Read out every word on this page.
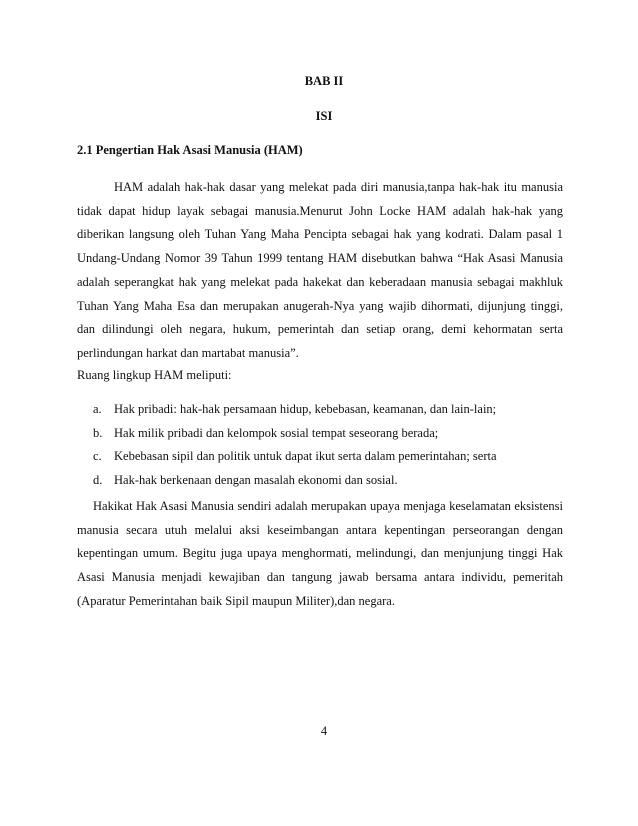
BAB II
ISI
2.1 Pengertian Hak Asasi Manusia (HAM)

HAM adalah hak-hak dasar yang melekat pada diri manusia,tanpa hak-hak itu manusia tidak dapat hidup layak sebagai manusia.Menurut John Locke HAM adalah hak-hak yang diberikan langsung oleh Tuhan Yang Maha Pencipta sebagai hak yang kodrati. Dalam pasal 1 Undang-Undang Nomor 39 Tahun 1999 tentang HAM disebutkan bahwa “Hak Asasi Manusia adalah seperangkat hak yang melekat pada hakekat dan keberadaan manusia sebagai makhluk Tuhan Yang Maha Esa dan merupakan anugerah-Nya yang wajib dihormati, dijunjung tinggi, dan dilindungi oleh negara, hukum, pemerintah dan setiap orang, demi kehormatan serta perlindungan harkat dan martabat manusia”.

Ruang lingkup HAM meliputi:

a. Hak pribadi: hak-hak persamaan hidup, kebebasan, keamanan, dan lain-lain;
b. Hak milik pribadi dan kelompok sosial tempat seseorang berada;
c. Kebebasan sipil dan politik untuk dapat ikut serta dalam pemerintahan; serta
d. Hak-hak berkenaan dengan masalah ekonomi dan sosial.

Hakikat Hak Asasi Manusia sendiri adalah merupakan upaya menjaga keselamatan eksistensi manusia secara utuh melalui aksi keseimbangan antara kepentingan perseorangan dengan kepentingan umum. Begitu juga upaya menghormati, melindungi, dan menjunjung tinggi Hak Asasi Manusia menjadi kewajiban dan tangung jawab bersama antara individu, pemeritah (Aparatur Pemerintahan baik Sipil maupun Militer),dan negara.

4
